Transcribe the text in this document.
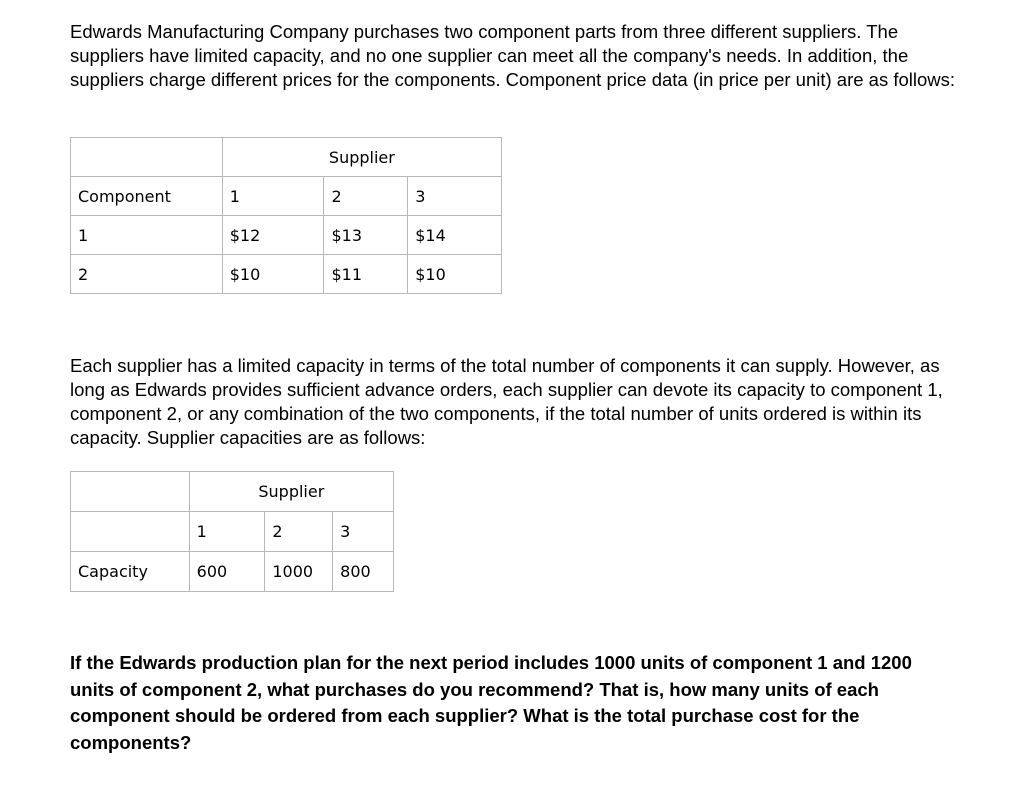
Edwards Manufacturing Company purchases two component parts from three different suppliers. The suppliers have limited capacity, and no one supplier can meet all the company's needs. In addition, the suppliers charge different prices for the components. Component price data (in price per unit) are as follows:

	Supplier		
Component	1	2	3
1	$12	$13	$14
2	$10	$11	$10

Each supplier has a limited capacity in terms of the total number of components it can supply. However, as long as Edwards provides sufficient advance orders, each supplier can devote its capacity to component 1, component 2, or any combination of the two components, if the total number of units ordered is within its capacity. Supplier capacities are as follows:

	Supplier		
	1	2	3
Capacity	600	1000	800

If the Edwards production plan for the next period includes 1000 units of component 1 and 1200 units of component 2, what purchases do you recommend? That is, how many units of each component should be ordered from each supplier? What is the total purchase cost for the components?
